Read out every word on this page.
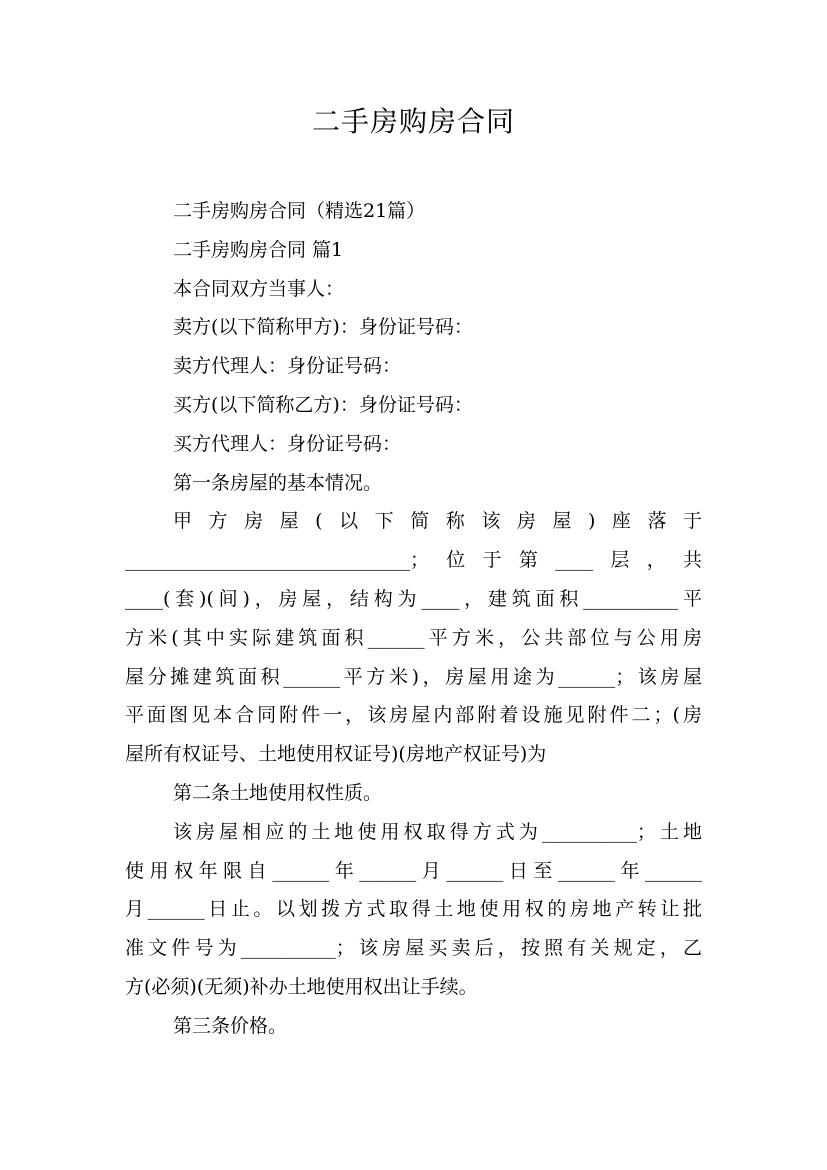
二手房购房合同
二手房购房合同（精选21篇）
二手房购房合同 篇1
本合同双方当事人：
卖方(以下简称甲方)：身份证号码：
卖方代理人：身份证号码：
买方(以下简称乙方)：身份证号码：
买方代理人：身份证号码：
第一条房屋的基本情况。
甲方房屋(以下简称该房屋)座落于
______________________________；位于第____层，共
____(套)(间)，房屋，结构为____，建筑面积__________平
方米(其中实际建筑面积______平方米，公共部位与公用房
屋分摊建筑面积______平方米)，房屋用途为______；该房屋
平面图见本合同附件一，该房屋内部附着设施见附件二；(房
屋所有权证号、土地使用权证号)(房地产权证号)为
第二条土地使用权性质。
该房屋相应的土地使用权取得方式为__________；土地
使用权年限自______年______月______日至______年______
月______日止。以划拨方式取得土地使用权的房地产转让批
准文件号为__________；该房屋买卖后，按照有关规定，乙
方(必须)(无须)补办土地使用权出让手续。
第三条价格。
